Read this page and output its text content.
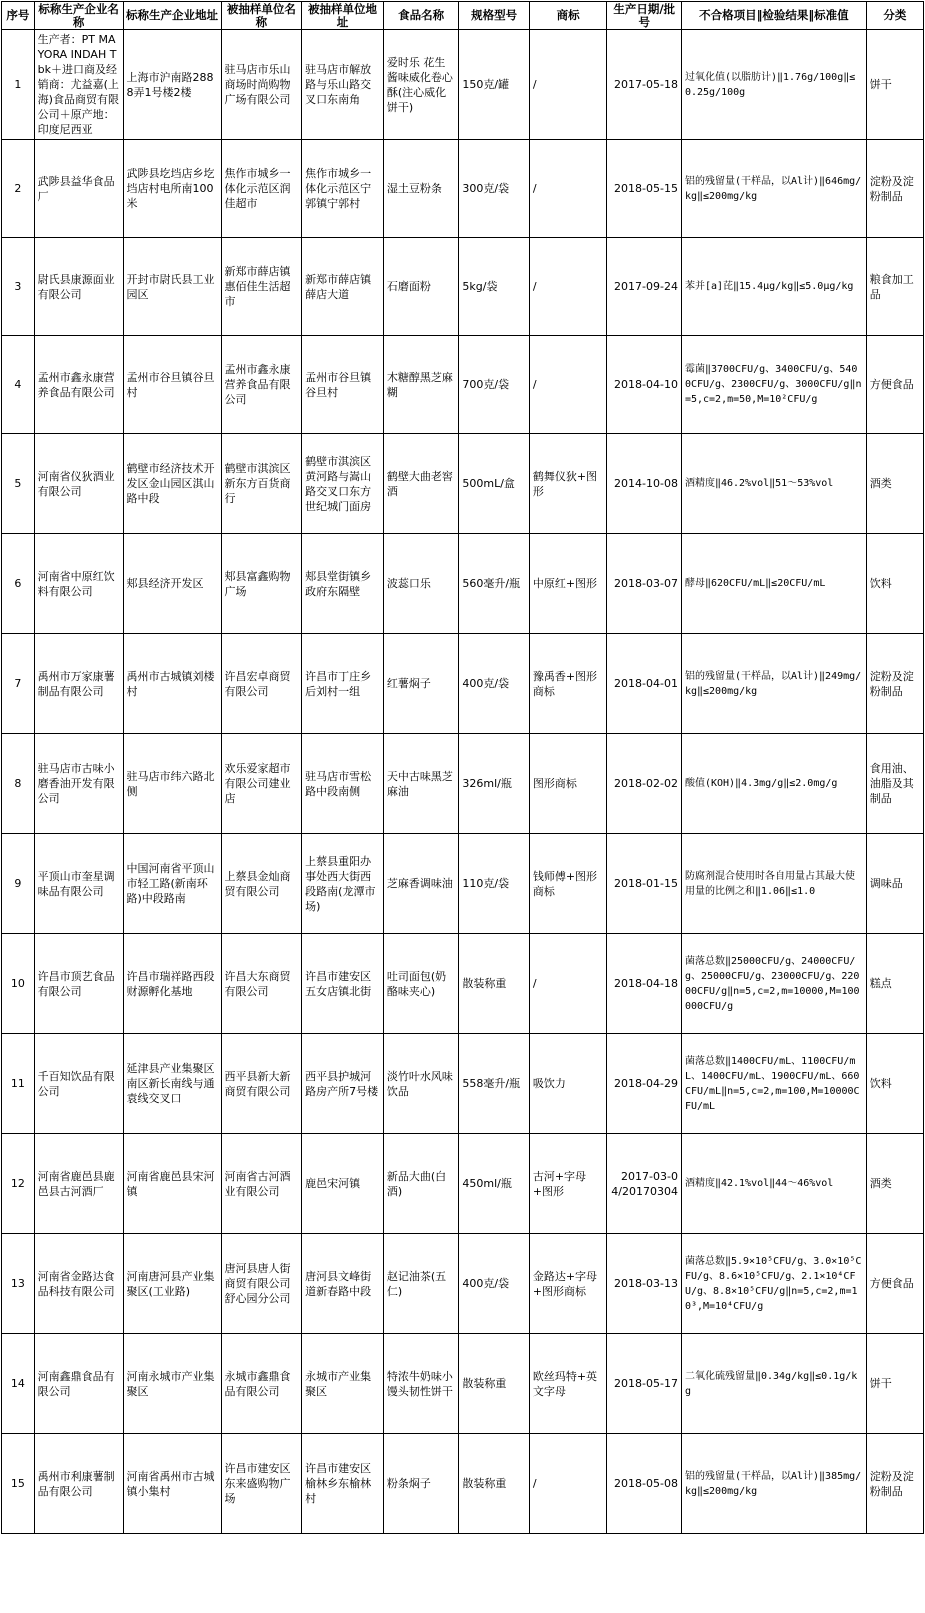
序号	标称生产企业名称	标称生产企业地址	被抽样单位名称	被抽样单位地址	食品名称	规格型号	商标	生产日期/批号	不合格项目‖检验结果‖标准值	分类
1	生产者：PT MAYORA INDAH Tbk＋进口商及经销商：尤益嘉(上海)食品商贸有限公司＋原产地：印度尼西亚	上海市沪南路2888弄1号楼2楼	驻马店市乐山商场时尚购物广场有限公司	驻马店市解放路与乐山路交叉口东南角	爱时乐 花生酱味威化卷心酥(注心威化饼干)	150克/罐	/	2017-05-18	过氧化值(以脂肪计)‖1.76g/100g‖≤0.25g/100g	饼干
2	武陟县益华食品厂	武陟县圪垱店乡圪垱店村电所南100米	焦作市城乡一体化示范区润佳超市	焦作市城乡一体化示范区宁郭镇宁郭村	湿土豆粉条	300克/袋	/	2018-05-15	铝的残留量(干样品，以Al计)‖646mg/kg‖≤200mg/kg	淀粉及淀粉制品
3	尉氏县康源面业有限公司	开封市尉氏县工业园区	新郑市薛店镇惠佰佳生活超市	新郑市薛店镇薛店大道	石磨面粉	5kg/袋	/	2017-09-24	苯并[a]芘‖15.4μg/kg‖≤5.0μg/kg	粮食加工品
4	孟州市鑫永康营养食品有限公司	孟州市谷旦镇谷旦村	孟州市鑫永康营养食品有限公司	孟州市谷旦镇谷旦村	木糖醇黑芝麻糊	700克/袋	/	2018-04-10	霉菌‖3700CFU/g、3400CFU/g、5400CFU/g、2300CFU/g、3000CFU/g‖n=5,c=2,m=50,M=10²CFU/g	方便食品
5	河南省仪狄酒业有限公司	鹤壁市经济技术开发区金山园区淇山路中段	鹤壁市淇滨区新东方百货商行	鹤壁市淇滨区黄河路与嵩山路交叉口东方世纪城门面房	鹤壁大曲老窖酒	500mL/盒	鹤舞仪狄+图形	2014-10-08	酒精度‖46.2%vol‖51～53%vol	酒类
6	河南省中原红饮料有限公司	郏县经济开发区	郏县富鑫购物广场	郏县堂街镇乡政府东隔壁	波蕊口乐	560毫升/瓶	中原红+图形	2018-03-07	酵母‖620CFU/mL‖≤20CFU/mL	饮料
7	禹州市万家康薯制品有限公司	禹州市古城镇刘楼村	许昌宏卓商贸有限公司	许昌市丁庄乡后刘村一组	红薯焖子	400克/袋	豫禹香+图形商标	2018-04-01	铝的残留量(干样品，以Al计)‖249mg/kg‖≤200mg/kg	淀粉及淀粉制品
8	驻马店市古味小磨香油开发有限公司	驻马店市纬六路北侧	欢乐爱家超市有限公司建业店	驻马店市雪松路中段南侧	天中古味黑芝麻油	326ml/瓶	图形商标	2018-02-02	酸值(KOH)‖4.3mg/g‖≤2.0mg/g	食用油、油脂及其制品
9	平顶山市奎星调味品有限公司	中国河南省平顶山市轻工路(新南环路)中段路南	上蔡县金灿商贸有限公司	上蔡县重阳办事处西大街西段路南(龙潭市场)	芝麻香调味油	110克/袋	钱师傅+图形商标	2018-01-15	防腐剂混合使用时各自用量占其最大使用量的比例之和‖1.06‖≤1.0	调味品
10	许昌市顶艺食品有限公司	许昌市瑞祥路西段财源孵化基地	许昌大东商贸有限公司	许昌市建安区五女店镇北街	吐司面包(奶酪味夹心)	散装称重	/	2018-04-18	菌落总数‖25000CFU/g、24000CFU/g、25000CFU/g、23000CFU/g、22000CFU/g‖n=5,c=2,m=10000,M=100000CFU/g	糕点
11	千百知饮品有限公司	延津县产业集聚区南区新长南线与通袁线交叉口	西平县新大新商贸有限公司	西平县护城河路房产所7号楼	淡竹叶水风味饮品	558毫升/瓶	吸饮力	2018-04-29	菌落总数‖1400CFU/mL、1100CFU/mL、1400CFU/mL、1900CFU/mL、660CFU/mL‖n=5,c=2,m=100,M=10000CFU/mL	饮料
12	河南省鹿邑县鹿邑县古河酒厂	河南省鹿邑县宋河镇	河南省古河酒业有限公司	鹿邑宋河镇	新品大曲(白酒)	450ml/瓶	古河+字母+图形	2017-03-04/20170304	酒精度‖42.1%vol‖44～46%vol	酒类
13	河南省金路达食品科技有限公司	河南唐河县产业集聚区(工业路)	唐河县唐人街商贸有限公司舒心园分公司	唐河县文峰街道新春路中段	赵记油茶(五仁)	400克/袋	金路达+字母+图形商标	2018-03-13	菌落总数‖5.9×10⁵CFU/g、3.0×10⁵CFU/g、8.6×10⁵CFU/g、2.1×10⁴CFU/g、8.8×10⁵CFU/g‖n=5,c=2,m=10³,M=10⁴CFU/g	方便食品
14	河南鑫鼎食品有限公司	河南永城市产业集聚区	永城市鑫鼎食品有限公司	永城市产业集聚区	特浓牛奶味小馒头韧性饼干	散装称重	欧丝玛特+英文字母	2018-05-17	二氧化硫残留量‖0.34g/kg‖≤0.1g/kg	饼干
15	禹州市利康薯制品有限公司	河南省禹州市古城镇小集村	许昌市建安区东来盛购物广场	许昌市建安区榆林乡东榆林村	粉条焖子	散装称重	/	2018-05-08	铝的残留量(干样品，以Al计)‖385mg/kg‖≤200mg/kg	淀粉及淀粉制品
